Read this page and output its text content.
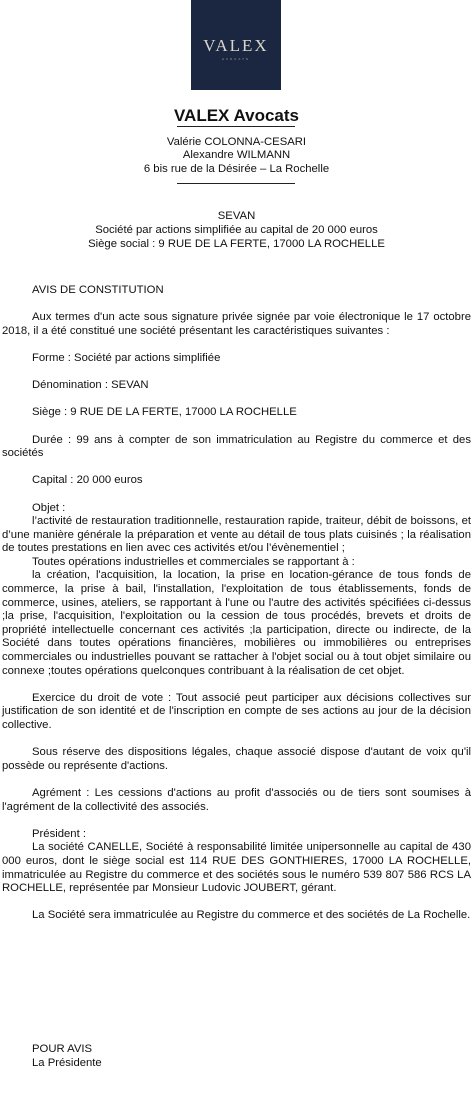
VALEX
AVOCATS
VALEX Avocats
Valérie COLONNA-CESARI
Alexandre WILMANN
6 bis rue de la Désirée – La Rochelle
SEVAN
Société par actions simplifiée au capital de 20 000 euros
Siège social : 9 RUE DE LA FERTE, 17000 LA ROCHELLE

AVIS DE CONSTITUTION

Aux termes d'un acte sous signature privée signée par voie électronique le 17 octobre 2018, il a été constitué une société présentant les caractéristiques suivantes :

Forme : Société par actions simplifiée

Dénomination : SEVAN

Siège : 9 RUE DE LA FERTE, 17000 LA ROCHELLE

Durée : 99 ans à compter de son immatriculation au Registre du commerce et des sociétés

Capital : 20 000 euros

Objet :

l’activité de restauration traditionnelle, restauration rapide, traiteur, débit de boissons, et d’une manière générale la préparation et vente au détail de tous plats cuisinés ; la réalisation de toutes prestations en lien avec ces activités et/ou l’évènementiel ;

Toutes opérations industrielles et commerciales se rapportant à :

la création, l'acquisition, la location, la prise en location-gérance de tous fonds de commerce, la prise à bail, l'installation, l'exploitation de tous établissements, fonds de commerce, usines, ateliers, se rapportant à l'une ou l'autre des activités spécifiées ci-dessus ;la prise, l'acquisition, l'exploitation ou la cession de tous procédés, brevets et droits de propriété intellectuelle concernant ces activités ;la participation, directe ou indirecte, de la Société dans toutes opérations financières, mobilières ou immobilières ou entreprises commerciales ou industrielles pouvant se rattacher à l'objet social ou à tout objet similaire ou connexe ;toutes opérations quelconques contribuant à la réalisation de cet objet.

Exercice du droit de vote : Tout associé peut participer aux décisions collectives sur justification de son identité et de l'inscription en compte de ses actions au jour de la décision collective.

Sous réserve des dispositions légales, chaque associé dispose d'autant de voix qu'il possède ou représente d'actions.

Agrément : Les cessions d'actions au profit d'associés ou de tiers sont soumises à l'agrément de la collectivité des associés.

Président :

La société CANELLE, Société à responsabilité limitée unipersonnelle au capital de 430 000 euros, dont le siège social est 114 RUE DES GONTHIERES, 17000 LA ROCHELLE, immatriculée au Registre du commerce et des sociétés sous le numéro 539 807 586 RCS LA ROCHELLE, représentée par Monsieur Ludovic JOUBERT, gérant.

La Société sera immatriculée au Registre du commerce et des sociétés de La Rochelle.

POUR AVIS
La Présidente
